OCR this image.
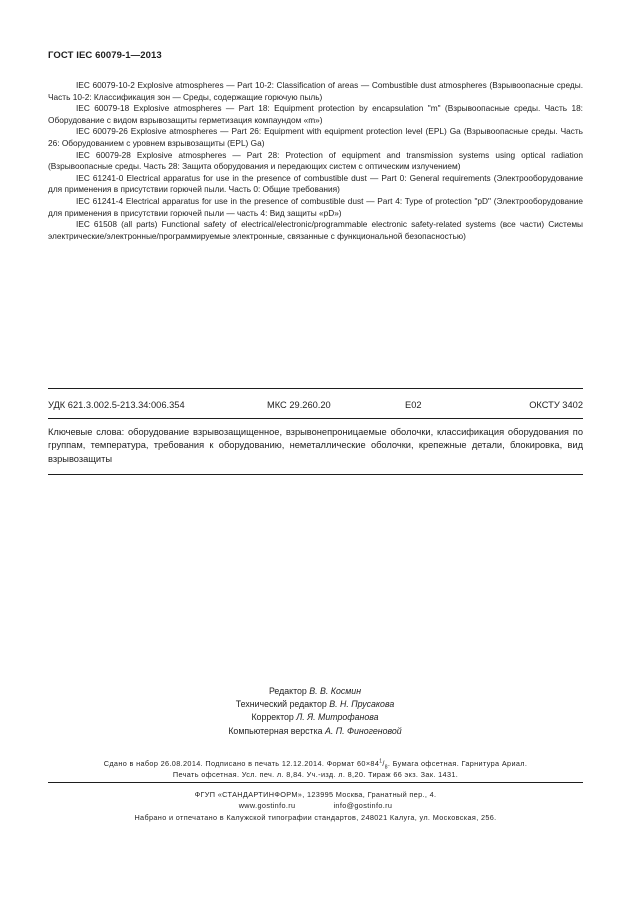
ГОСТ IEC 60079-1—2013

IEC 60079-10-2 Explosive atmospheres — Part 10-2: Classification of areas — Combustible dust atmospheres (Взрывоопасные среды. Часть 10-2: Классификация зон — Среды, содержащие горючую пыль)

IEC 60079-18 Explosive atmospheres — Part 18: Equipment protection by encapsulation "m" (Взрывоопасные среды. Часть 18: Оборудование с видом взрывозащиты герметизация компаундом «m»)

IEC 60079-26 Explosive atmospheres — Part 26: Equipment with equipment protection level (EPL) Ga (Взрывоопасные среды. Часть 26: Оборудованием с уровнем взрывозащиты (EPL) Ga)

IEC 60079-28 Explosive atmospheres — Part 28: Protection of equipment and transmission systems using optical radiation (Взрывоопасные среды. Часть 28: Защита оборудования и передающих систем с оптическим излучением)

IEC 61241-0 Electrical apparatus for use in the presence of combustible dust — Part 0: General requirements (Электрооборудование для применения в присутствии горючей пыли. Часть 0: Общие требования)

IEC 61241-4 Electrical apparatus for use in the presence of combustible dust — Part 4: Type of protection "pD" (Электрооборудование для применения в присутствии горючей пыли — часть 4: Вид защиты «pD»)

IEC 61508 (all parts) Functional safety of electrical/electronic/programmable electronic safety-related systems (все части) Системы электрические/электронные/программируемые электронные, связанные с функциональной безопасностью)

УДК 621.3.002.5-213.34:006.354	МКС 29.260.20	E02	ОКСТУ 3402

Ключевые слова: оборудование взрывозащищенное, взрывонепроницаемые оболочки, классификация оборудования по группам, температура, требования к оборудованию, неметаллические оболочки, крепежные детали, блокировка, вид взрывозащиты

Редактор В. В. Космин
Технический редактор В. Н. Прусакова
Корректор Л. Я. Митрофанова
Компьютерная верстка А. П. Финогеновой
Сдано в набор 26.08.2014. Подписано в печать 12.12.2014. Формат $60\times 84^1/_8$. Бумага офсетная. Гарнитура Ариал.
Печать офсетная. Усл. печ. л. 8,84. Уч.-изд. л. 8,20. Тираж 66 экз. Зак. 1431.
ФГУП «СТАНДАРТИНФОРМ», 123995 Москва, Гранатный пер., 4.
www.gostinfo.ru	info@gostinfo.ru
Набрано и отпечатано в Калужской типографии стандартов, 248021 Калуга, ул. Московская, 256.
